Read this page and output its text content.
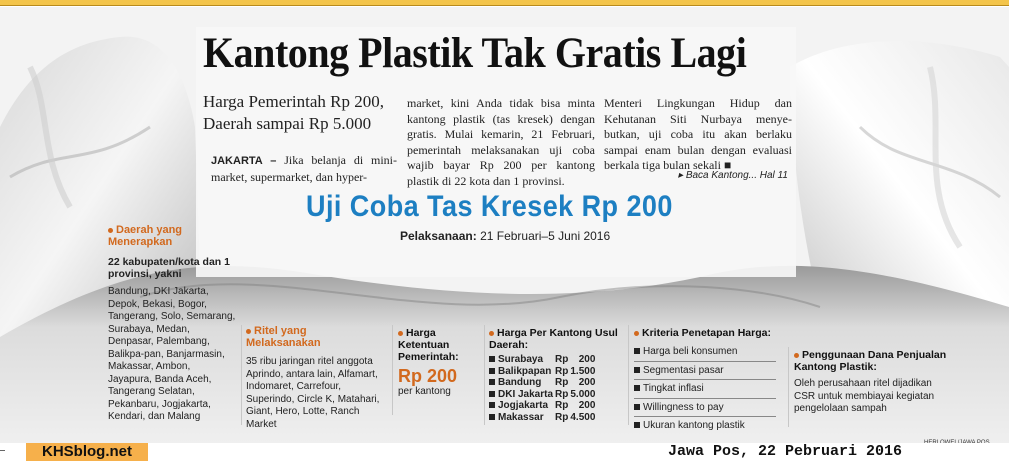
Kantong Plastik Tak Gratis Lagi
Harga Pemerintah Rp 200, Daerah sampai Rp 5.000
JAKARTA – Jika belanja di mini-market, supermarket, dan hyper-
market, kini Anda tidak bisa minta kantong plastik (tas kresek) dengan gratis. Mulai kemarin, 21 Februari, pemerintah melaksanakan uji coba wajib bayar Rp 200 per kantong plastik di 22 kota dan 1 provinsi.
Menteri Lingkungan Hidup dan Kehutanan Siti Nurbaya menye-butkan, uji coba itu akan berlaku sampai enam bulan dengan evaluasi berkala tiga bulan sekali ■
▸ Baca Kantong... Hal 11
Uji Coba Tas Kresek Rp 200
Pelaksanaan: 21 Februari–5 Juni 2016
Daerah yang Menerapkan
22 kabupaten/kota dan 1 provinsi, yakni
Bandung, DKI Jakarta, Depok, Bekasi, Bogor, Tangerang, Solo, Semarang, Surabaya, Medan, Denpasar, Palembang, Balikpa-pan, Banjarmasin, Makassar, Ambon, Jayapura, Banda Aceh, Tangerang Selatan, Pekanbaru, Jogjakarta, Kendari, dan Malang
Ritel yang Melaksanakan
35 ribu jaringan ritel anggota Aprindo, antara lain, Alfamart, Indomaret, Carrefour, Superindo, Circle K, Matahari, Giant, Hero, Lotte, Ranch Market
Harga Ketentuan Pemerintah:
Rp 200
per kantong
Harga Per Kantong Usul Daerah:
Surabaya	Rp	200
Balikpapan	Rp	1.500
Bandung	Rp	200
DKI Jakarta	Rp	5.000
Jogjakarta	Rp	200
Makassar	Rp	4.500
Kriteria Penetapan Harga:
Harga beli konsumen
Segmentasi pasar
Tingkat inflasi
Willingness to pay
Ukuran kantong plastik
Penggunaan Dana Penjualan Kantong Plastik:
Oleh perusahaan ritel dijadikan CSR untuk membiayai kegiatan pengelolaan sampah
HERI OWEL/JAWA POS
KHSblog.net	Jawa Pos, 22 Pebruari 2016
